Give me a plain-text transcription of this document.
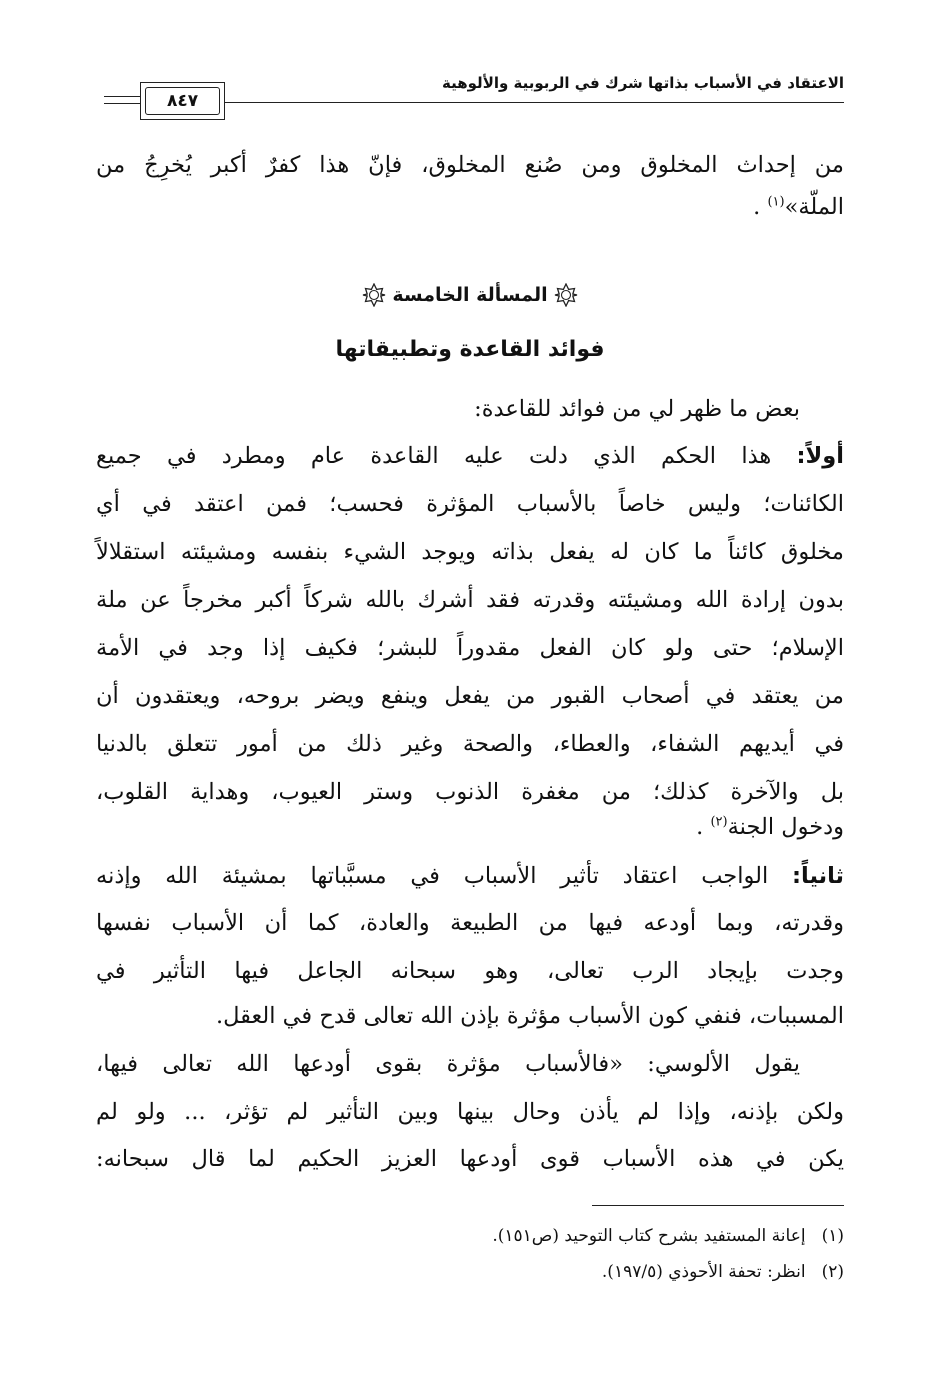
الاعتقاد في الأسباب بذاتها شرك في الربوبية والألوهية
٨٤٧
من إحداث المخلوق ومن صُنع المخلوق، فإنّ هذا كفرٌ أكبر يُخرِجُ من
الملّة»$^{(١)}$ .
المسألة الخامسة
فوائد القاعدة وتطبيقاتها
بعض ما ظهر لي من فوائد للقاعدة:
أولاً: هذا الحكم الذي دلت عليه القاعدة عام ومطرد في جميع
الكائنات؛ وليس خاصاً بالأسباب المؤثرة فحسب؛ فمن اعتقد في أي
مخلوق كائناً ما كان له يفعل بذاته ويوجد الشيء بنفسه ومشيئته استقلالاً
بدون إرادة الله ومشيئته وقدرته فقد أشرك بالله شركاً أكبر مخرجاً عن ملة
الإسلام؛ حتى ولو كان الفعل مقدوراً للبشر؛ فكيف إذا وجد في الأمة
من يعتقد في أصحاب القبور من يفعل وينفع ويضر بروحه، ويعتقدون أن
في أيديهم الشفاء، والعطاء، والصحة وغير ذلك من أمور تتعلق بالدنيا
بل والآخرة كذلك؛ من مغفرة الذنوب وستر العيوب، وهداية القلوب،
ودخول الجنة$^{(٢)}$ .
ثانياً: الواجب اعتقاد تأثير الأسباب في مسبَّباتها بمشيئة الله وإذنه
وقدرته، وبما أودعه فيها من الطبيعة والعادة، كما أن الأسباب نفسها
وجدت بإيجاد الرب تعالى، وهو سبحانه الجاعل فيها التأثير في
المسببات، فنفي كون الأسباب مؤثرة بإذن الله تعالى قدح في العقل.
يقول الألوسي: «فالأسباب مؤثرة بقوى أودعها الله تعالى فيها،
ولكن بإذنه، وإذا لم يأذن وحال بينها وبين التأثير لم تؤثر، ... ولو لم
يكن في هذه الأسباب قوى أودعها العزيز الحكيم لما قال سبحانه:
(١)إعانة المستفيد بشرح كتاب التوحيد (ص١٥١).
(٢)انظر: تحفة الأحوذي (١٩٧/٥).
